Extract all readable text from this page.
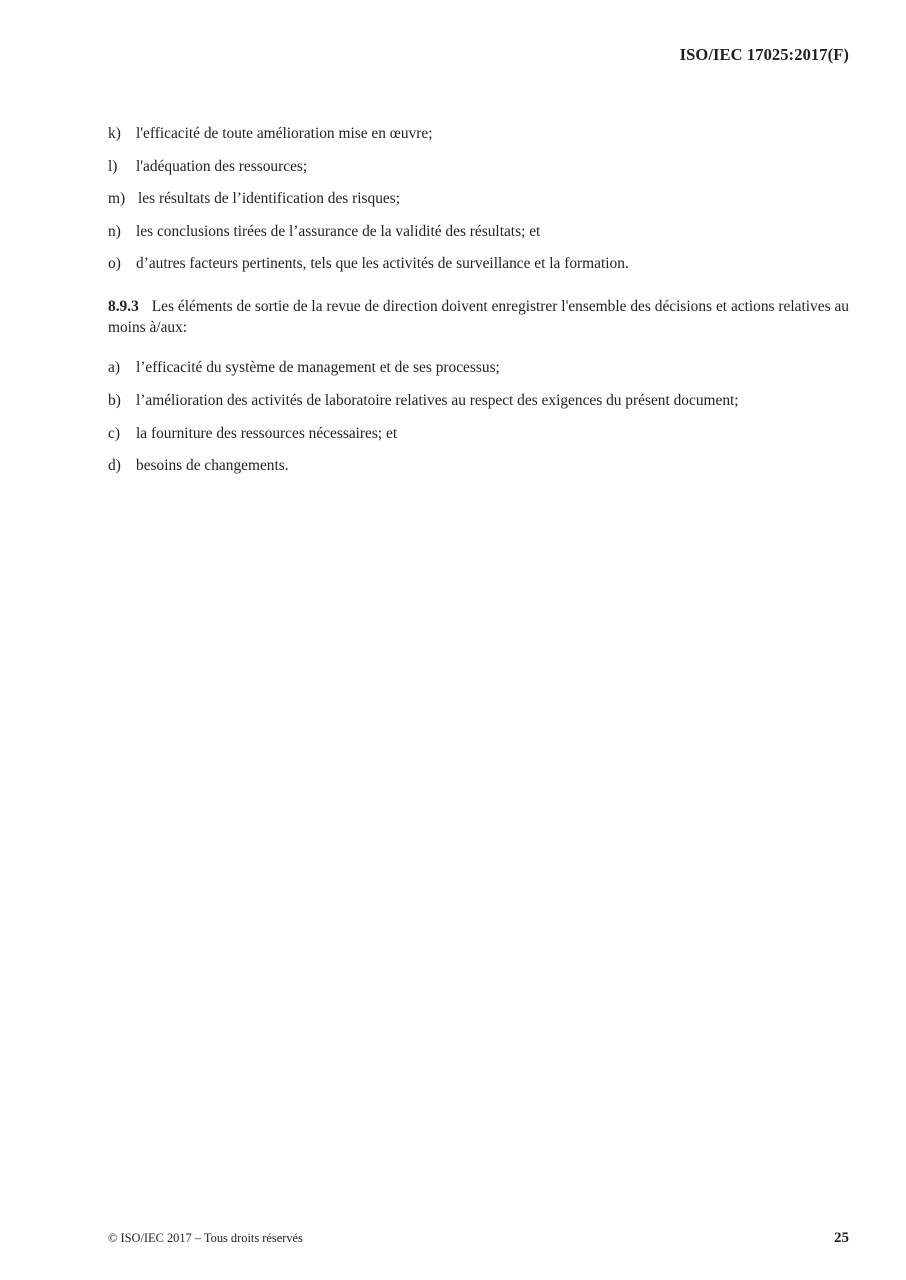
ISO/IEC 17025:2017(F)
k) l'efficacité de toute amélioration mise en œuvre;
l)	l'adéquation des ressources;
m) les résultats de l’identification des risques;
n) les conclusions tirées de l’assurance de la validité des résultats; et
o) d’autres facteurs pertinents, tels que les activités de surveillance et la formation.

8.9.3 Les éléments de sortie de la revue de direction doivent enregistrer l'ensemble des décisions et actions relatives au moins à/aux:

a)	l’efficacité du système de management et de ses processus;
b) l’amélioration des activités de laboratoire relatives au respect des exigences du présent document;
c)	la fourniture des ressources nécessaires; et
d) besoins de changements.
© ISO/IEC 2017 – Tous droits réservés	25
